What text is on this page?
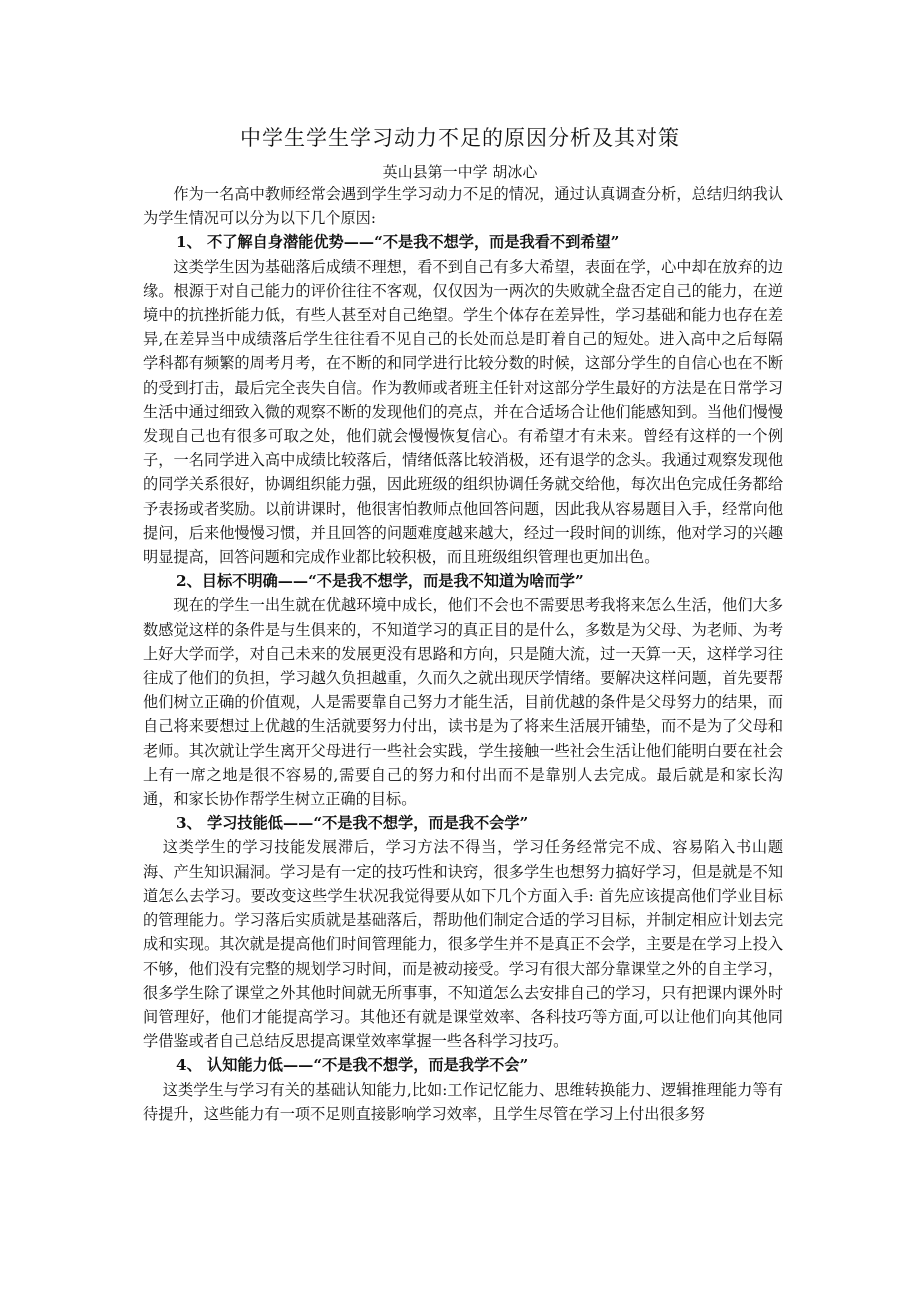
中学生学生学习动力不足的原因分析及其对策
英山县第一中学 胡冰心

作为一名高中教师经常会遇到学生学习动力不足的情况，通过认真调查分析，总结归纳我认为学生情况可以分为以下几个原因:

1、 不了解自身潜能优势——“不是我不想学，而是我看不到希望”

这类学生因为基础落后成绩不理想，看不到自己有多大希望，表面在学，心中却在放弃的边缘。根源于对自己能力的评价往往不客观，仅仅因为一两次的失败就全盘否定自己的能力，在逆境中的抗挫折能力低，有些人甚至对自己绝望。学生个体存在差异性，学习基础和能力也存在差异,在差异当中成绩落后学生往往看不见自己的长处而总是盯着自己的短处。进入高中之后每隔学科都有频繁的周考月考，在不断的和同学进行比较分数的时候，这部分学生的自信心也在不断的受到打击，最后完全丧失自信。作为教师或者班主任针对这部分学生最好的方法是在日常学习生活中通过细致入微的观察不断的发现他们的亮点，并在合适场合让他们能感知到。当他们慢慢发现自己也有很多可取之处，他们就会慢慢恢复信心。有希望才有未来。曾经有这样的一个例子，一名同学进入高中成绩比较落后，情绪低落比较消极，还有退学的念头。我通过观察发现他的同学关系很好，协调组织能力强，因此班级的组织协调任务就交给他，每次出色完成任务都给予表扬或者奖励。以前讲课时，他很害怕教师点他回答问题，因此我从容易题目入手，经常向他提问，后来他慢慢习惯，并且回答的问题难度越来越大，经过一段时间的训练，他对学习的兴趣明显提高，回答问题和完成作业都比较积极，而且班级组织管理也更加出色。

2、目标不明确——“不是我不想学，而是我不知道为啥而学”

现在的学生一出生就在优越环境中成长，他们不会也不需要思考我将来怎么生活，他们大多数感觉这样的条件是与生俱来的，不知道学习的真正目的是什么，多数是为父母、为老师、为考上好大学而学，对自己未来的发展更没有思路和方向，只是随大流，过一天算一天，这样学习往往成了他们的负担，学习越久负担越重，久而久之就出现厌学情绪。要解决这样问题，首先要帮他们树立正确的价值观，人是需要靠自己努力才能生活，目前优越的条件是父母努力的结果，而自己将来要想过上优越的生活就要努力付出，读书是为了将来生活展开铺垫，而不是为了父母和老师。其次就让学生离开父母进行一些社会实践，学生接触一些社会生活让他们能明白要在社会上有一席之地是很不容易的,需要自己的努力和付出而不是靠别人去完成。最后就是和家长沟通，和家长协作帮学生树立正确的目标。

3、 学习技能低——“不是我不想学，而是我不会学”

这类学生的学习技能发展滞后，学习方法不得当，学习任务经常完不成、容易陷入书山题海、产生知识漏洞。学习是有一定的技巧性和诀窍，很多学生也想努力搞好学习，但是就是不知道怎么去学习。要改变这些学生状况我觉得要从如下几个方面入手: 首先应该提高他们学业目标的管理能力。学习落后实质就是基础落后，帮助他们制定合适的学习目标，并制定相应计划去完成和实现。其次就是提高他们时间管理能力，很多学生并不是真正不会学，主要是在学习上投入不够，他们没有完整的规划学习时间，而是被动接受。学习有很大部分靠课堂之外的自主学习，很多学生除了课堂之外其他时间就无所事事，不知道怎么去安排自己的学习，只有把课内课外时间管理好，他们才能提高学习。其他还有就是课堂效率、各科技巧等方面,可以让他们向其他同学借鉴或者自己总结反思提高课堂效率掌握一些各科学习技巧。

4、 认知能力低——“不是我不想学，而是我学不会”

这类学生与学习有关的基础认知能力,比如:工作记忆能力、思维转换能力、逻辑推理能力等有待提升，这些能力有一项不足则直接影响学习效率，且学生尽管在学习上付出很多努
